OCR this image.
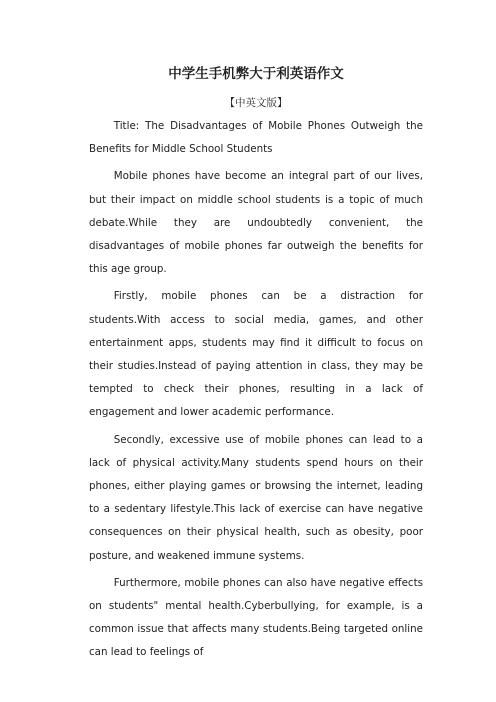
中学生手机弊大于利英语作文
【中英文版】

Title: The Disadvantages of Mobile Phones Outweigh the Benefits for Middle School Students

Mobile phones have become an integral part of our lives, but their impact on middle school students is a topic of much debate.While they are undoubtedly convenient, the disadvantages of mobile phones far outweigh the benefits for this age group.

Firstly, mobile phones can be a distraction for students.With access to social media, games, and other entertainment apps, students may find it difficult to focus on their studies.Instead of paying attention in class, they may be tempted to check their phones, resulting in a lack of engagement and lower academic performance.

Secondly, excessive use of mobile phones can lead to a lack of physical activity.Many students spend hours on their phones, either playing games or browsing the internet, leading to a sedentary lifestyle.This lack of exercise can have negative consequences on their physical health, such as obesity, poor posture, and weakened immune systems.

Furthermore, mobile phones can also have negative effects on students" mental health.Cyberbullying, for example, is a common issue that affects many students.Being targeted online can lead to feelings of
